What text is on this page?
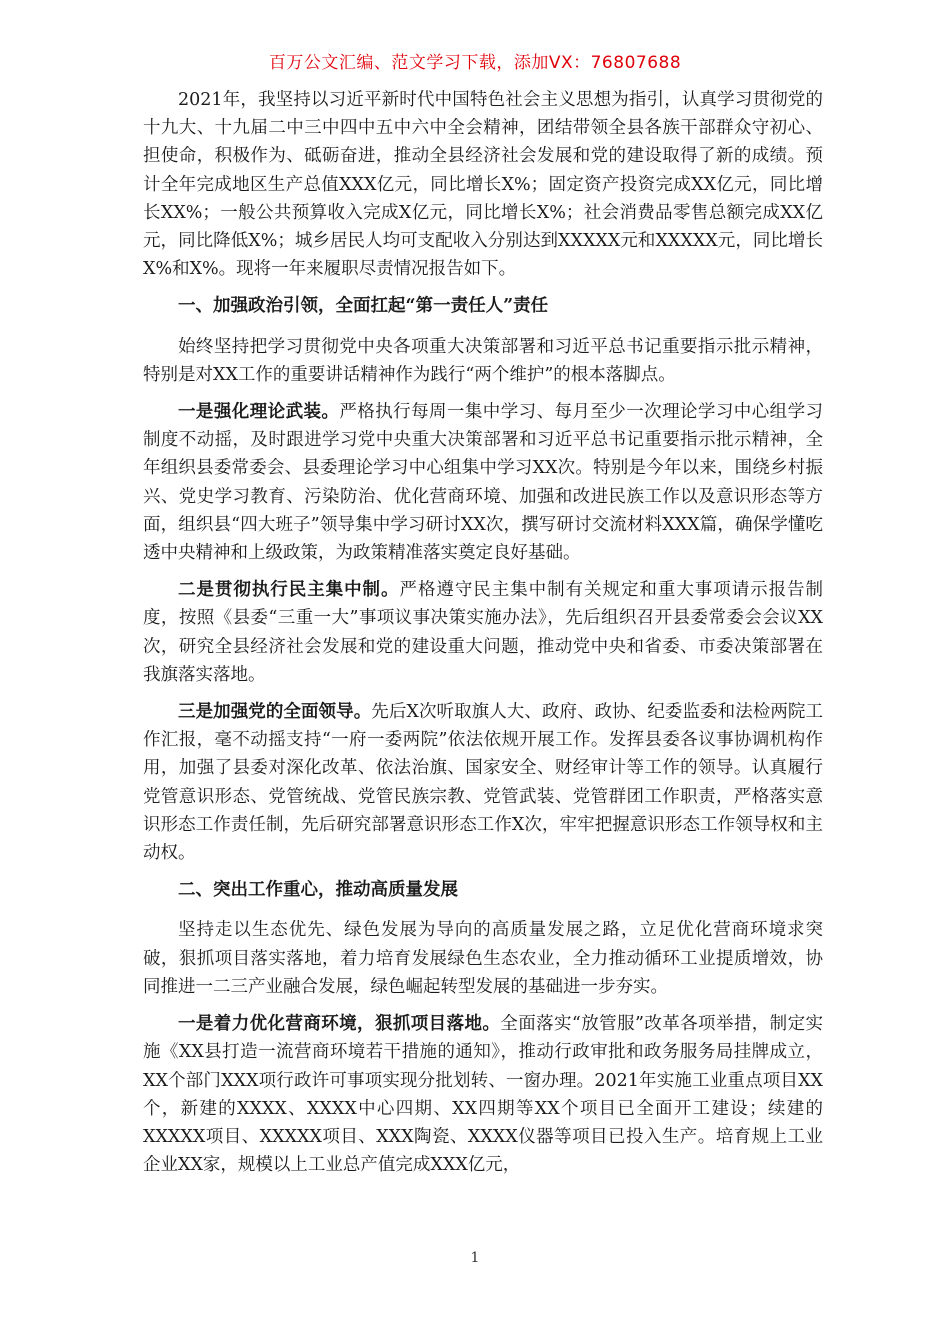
百万公文汇编、范文学习下载，添加VX：76807688

2021年，我坚持以习近平新时代中国特色社会主义思想为指引，认真学习贯彻党的十九大、十九届二中三中四中五中六中全会精神，团结带领全县各族干部群众守初心、担使命，积极作为、砥砺奋进，推动全县经济社会发展和党的建设取得了新的成绩。预计全年完成地区生产总值XXX亿元，同比增长X%；固定资产投资完成XX亿元，同比增长XX%；一般公共预算收入完成X亿元，同比增长X%；社会消费品零售总额完成XX亿元，同比降低X%；城乡居民人均可支配收入分别达到XXXXX元和XXXXX元，同比增长X%和X%。现将一年来履职尽责情况报告如下。

一、加强政治引领，全面扛起“第一责任人”责任

始终坚持把学习贯彻党中央各项重大决策部署和习近平总书记重要指示批示精神，特别是对XX工作的重要讲话精神作为践行“两个维护”的根本落脚点。

一是强化理论武装。严格执行每周一集中学习、每月至少一次理论学习中心组学习制度不动摇，及时跟进学习党中央重大决策部署和习近平总书记重要指示批示精神，全年组织县委常委会、县委理论学习中心组集中学习XX次。特别是今年以来，围绕乡村振兴、党史学习教育、污染防治、优化营商环境、加强和改进民族工作以及意识形态等方面，组织县“四大班子”领导集中学习研讨XX次，撰写研讨交流材料XXX篇，确保学懂吃透中央精神和上级政策，为政策精准落实奠定良好基础。

二是贯彻执行民主集中制。严格遵守民主集中制有关规定和重大事项请示报告制度，按照《县委“三重一大”事项议事决策实施办法》，先后组织召开县委常委会会议XX次，研究全县经济社会发展和党的建设重大问题，推动党中央和省委、市委决策部署在我旗落实落地。

三是加强党的全面领导。先后X次听取旗人大、政府、政协、纪委监委和法检两院工作汇报，毫不动摇支持“一府一委两院”依法依规开展工作。发挥县委各议事协调机构作用，加强了县委对深化改革、依法治旗、国家安全、财经审计等工作的领导。认真履行党管意识形态、党管统战、党管民族宗教、党管武装、党管群团工作职责，严格落实意识形态工作责任制，先后研究部署意识形态工作X次，牢牢把握意识形态工作领导权和主动权。

二、突出工作重心，推动高质量发展

坚持走以生态优先、绿色发展为导向的高质量发展之路，立足优化营商环境求突破，狠抓项目落实落地，着力培育发展绿色生态农业，全力推动循环工业提质增效，协同推进一二三产业融合发展，绿色崛起转型发展的基础进一步夯实。

一是着力优化营商环境，狠抓项目落地。全面落实“放管服”改革各项举措，制定实施《XX县打造一流营商环境若干措施的通知》，推动行政审批和政务服务局挂牌成立，XX个部门XXX项行政许可事项实现分批划转、一窗办理。2021年实施工业重点项目XX个，新建的XXXX、XXXX中心四期、XX四期等XX个项目已全面开工建设；续建的XXXXX项目、XXXXX项目、XXX陶瓷、XXXX仪器等项目已投入生产。培育规上工业企业XX家，规模以上工业总产值完成XXX亿元，

1
